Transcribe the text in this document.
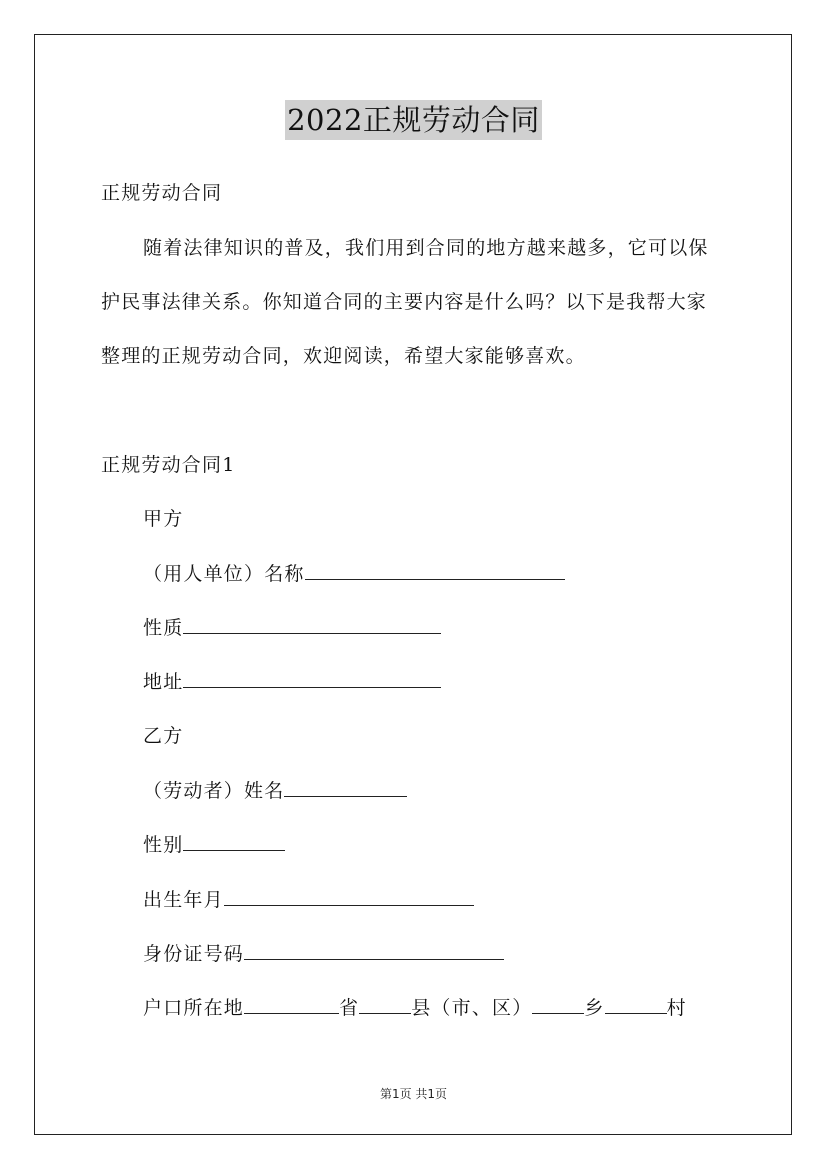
2022正规劳动合同
正规劳动合同
随着法律知识的普及，我们用到合同的地方越来越多，它可以保
护民事法律关系。你知道合同的主要内容是什么吗？以下是我帮大家
整理的正规劳动合同，欢迎阅读，希望大家能够喜欢。
正规劳动合同1
甲方
（用人单位）名称
性质
地址
乙方
（劳动者）姓名
性别
出生年月
身份证号码
户口所在地	省	县（市、区）	乡	村
第1页 共1页
